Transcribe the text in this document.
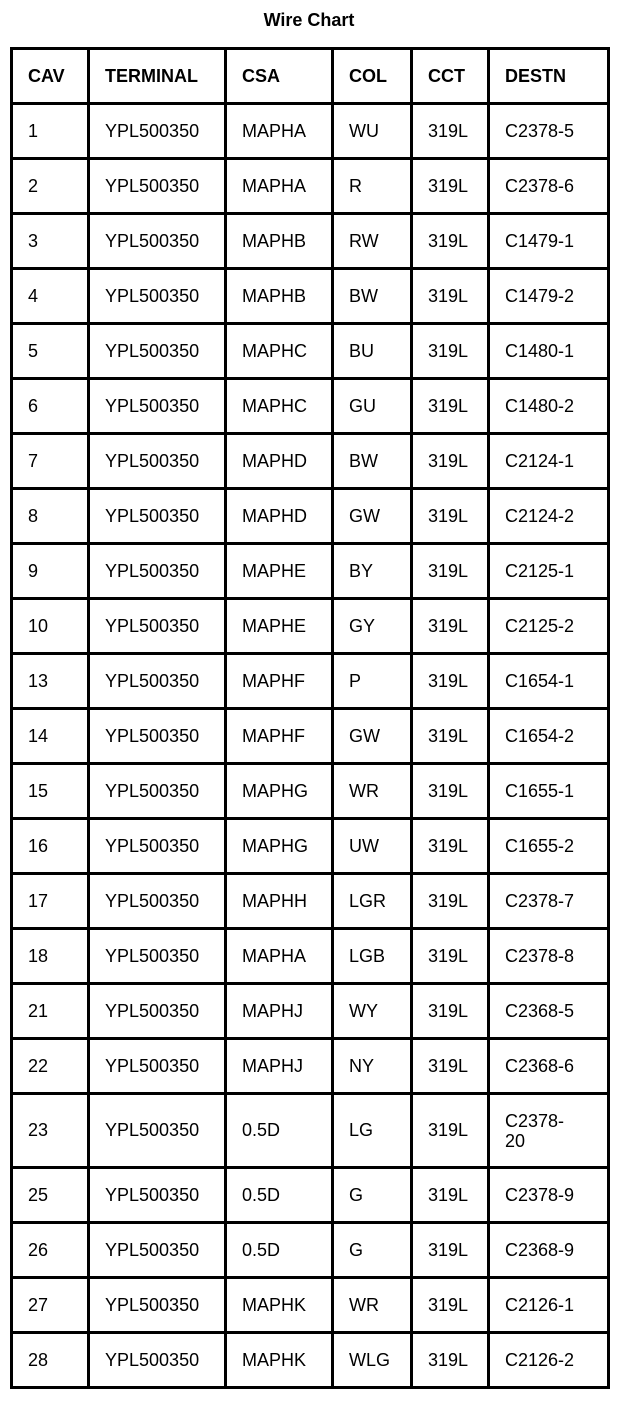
Wire Chart
CAV	TERMINAL	CSA	COL	CCT	DESTN
1	YPL500350	MAPHA	WU	319L	C2378-5
2	YPL500350	MAPHA	R	319L	C2378-6
3	YPL500350	MAPHB	RW	319L	C1479-1
4	YPL500350	MAPHB	BW	319L	C1479-2
5	YPL500350	MAPHC	BU	319L	C1480-1
6	YPL500350	MAPHC	GU	319L	C1480-2
7	YPL500350	MAPHD	BW	319L	C2124-1
8	YPL500350	MAPHD	GW	319L	C2124-2
9	YPL500350	MAPHE	BY	319L	C2125-1
10	YPL500350	MAPHE	GY	319L	C2125-2
13	YPL500350	MAPHF	P	319L	C1654-1
14	YPL500350	MAPHF	GW	319L	C1654-2
15	YPL500350	MAPHG	WR	319L	C1655-1
16	YPL500350	MAPHG	UW	319L	C1655-2
17	YPL500350	MAPHH	LGR	319L	C2378-7
18	YPL500350	MAPHA	LGB	319L	C2378-8
21	YPL500350	MAPHJ	WY	319L	C2368-5
22	YPL500350	MAPHJ	NY	319L	C2368-6
23	YPL500350	0.5D	LG	319L	C2378-
20
25	YPL500350	0.5D	G	319L	C2378-9
26	YPL500350	0.5D	G	319L	C2368-9
27	YPL500350	MAPHK	WR	319L	C2126-1
28	YPL500350	MAPHK	WLG	319L	C2126-2
